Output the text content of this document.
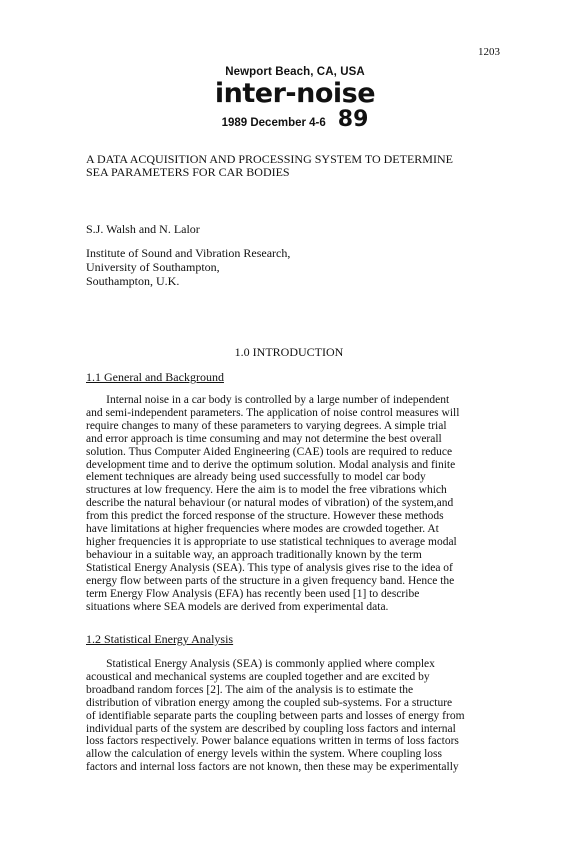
1203
Newport Beach, CA, USA
inter-noise
1989 December 4-6 89
A DATA ACQUISITION AND PROCESSING SYSTEM TO DETERMINE
SEA PARAMETERS FOR CAR BODIES

S.J. Walsh and N. Lalor

Institute of Sound and Vibration Research,
University of Southampton,
Southampton, U.K.
1.0 INTRODUCTION
1.1 General and Background
Internal noise in a car body is controlled by a large number of independent
and semi-independent parameters. The application of noise control measures will
require changes to many of these parameters to varying degrees. A simple trial
and error approach is time consuming and may not determine the best overall
solution. Thus Computer Aided Engineering (CAE) tools are required to reduce
development time and to derive the optimum solution. Modal analysis and finite
element techniques are already being used successfully to model car body
structures at low frequency. Here the aim is to model the free vibrations which
describe the natural behaviour (or natural modes of vibration) of the system,and
from this predict the forced response of the structure. However these methods
have limitations at higher frequencies where modes are crowded together. At
higher frequencies it is appropriate to use statistical techniques to average modal
behaviour in a suitable way, an approach traditionally known by the term
Statistical Energy Analysis (SEA). This type of analysis gives rise to the idea of
energy flow between parts of the structure in a given frequency band. Hence the
term Energy Flow Analysis (EFA) has recently been used [1] to describe
situations where SEA models are derived from experimental data.
1.2 Statistical Energy Analysis
Statistical Energy Analysis (SEA) is commonly applied where complex
acoustical and mechanical systems are coupled together and are excited by
broadband random forces [2]. The aim of the analysis is to estimate the
distribution of vibration energy among the coupled sub-systems. For a structure
of identifiable separate parts the coupling between parts and losses of energy from
individual parts of the system are described by coupling loss factors and internal
loss factors respectively. Power balance equations written in terms of loss factors
allow the calculation of energy levels within the system. Where coupling loss
factors and internal loss factors are not known, then these may be experimentally
